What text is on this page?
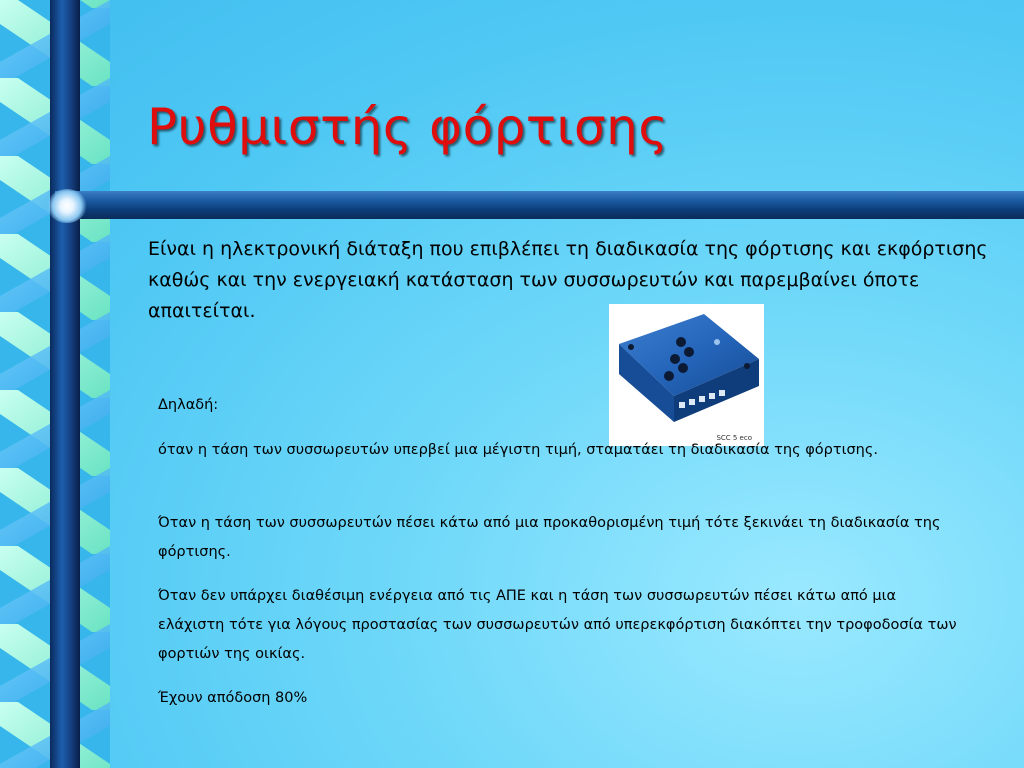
Ρυθμιστής φόρτισης

Είναι η ηλεκτρονική διάταξη που επιβλέπει τη διαδικασία της φόρτισης και εκφόρτισης καθώς και την ενεργειακή κατάσταση των συσσωρευτών και παρεμβαίνει όποτε απαιτείται.

SCC 5 eco

Δηλαδή:

όταν η τάση των συσσωρευτών υπερβεί μια μέγιστη τιμή, σταματάει τη διαδικασία της φόρτισης.

Όταν η τάση των συσσωρευτών πέσει κάτω από μια προκαθορισμένη τιμή τότε ξεκινάει τη διαδικασία της φόρτισης.

Όταν δεν υπάρχει διαθέσιμη ενέργεια από τις ΑΠΕ και η τάση των συσσωρευτών πέσει κάτω από μια ελάχιστη τότε για λόγους προστασίας των συσσωρευτών από υπερεκφόρτιση διακόπτει την τροφοδοσία των φορτιών της οικίας.

Έχουν απόδοση 80%
